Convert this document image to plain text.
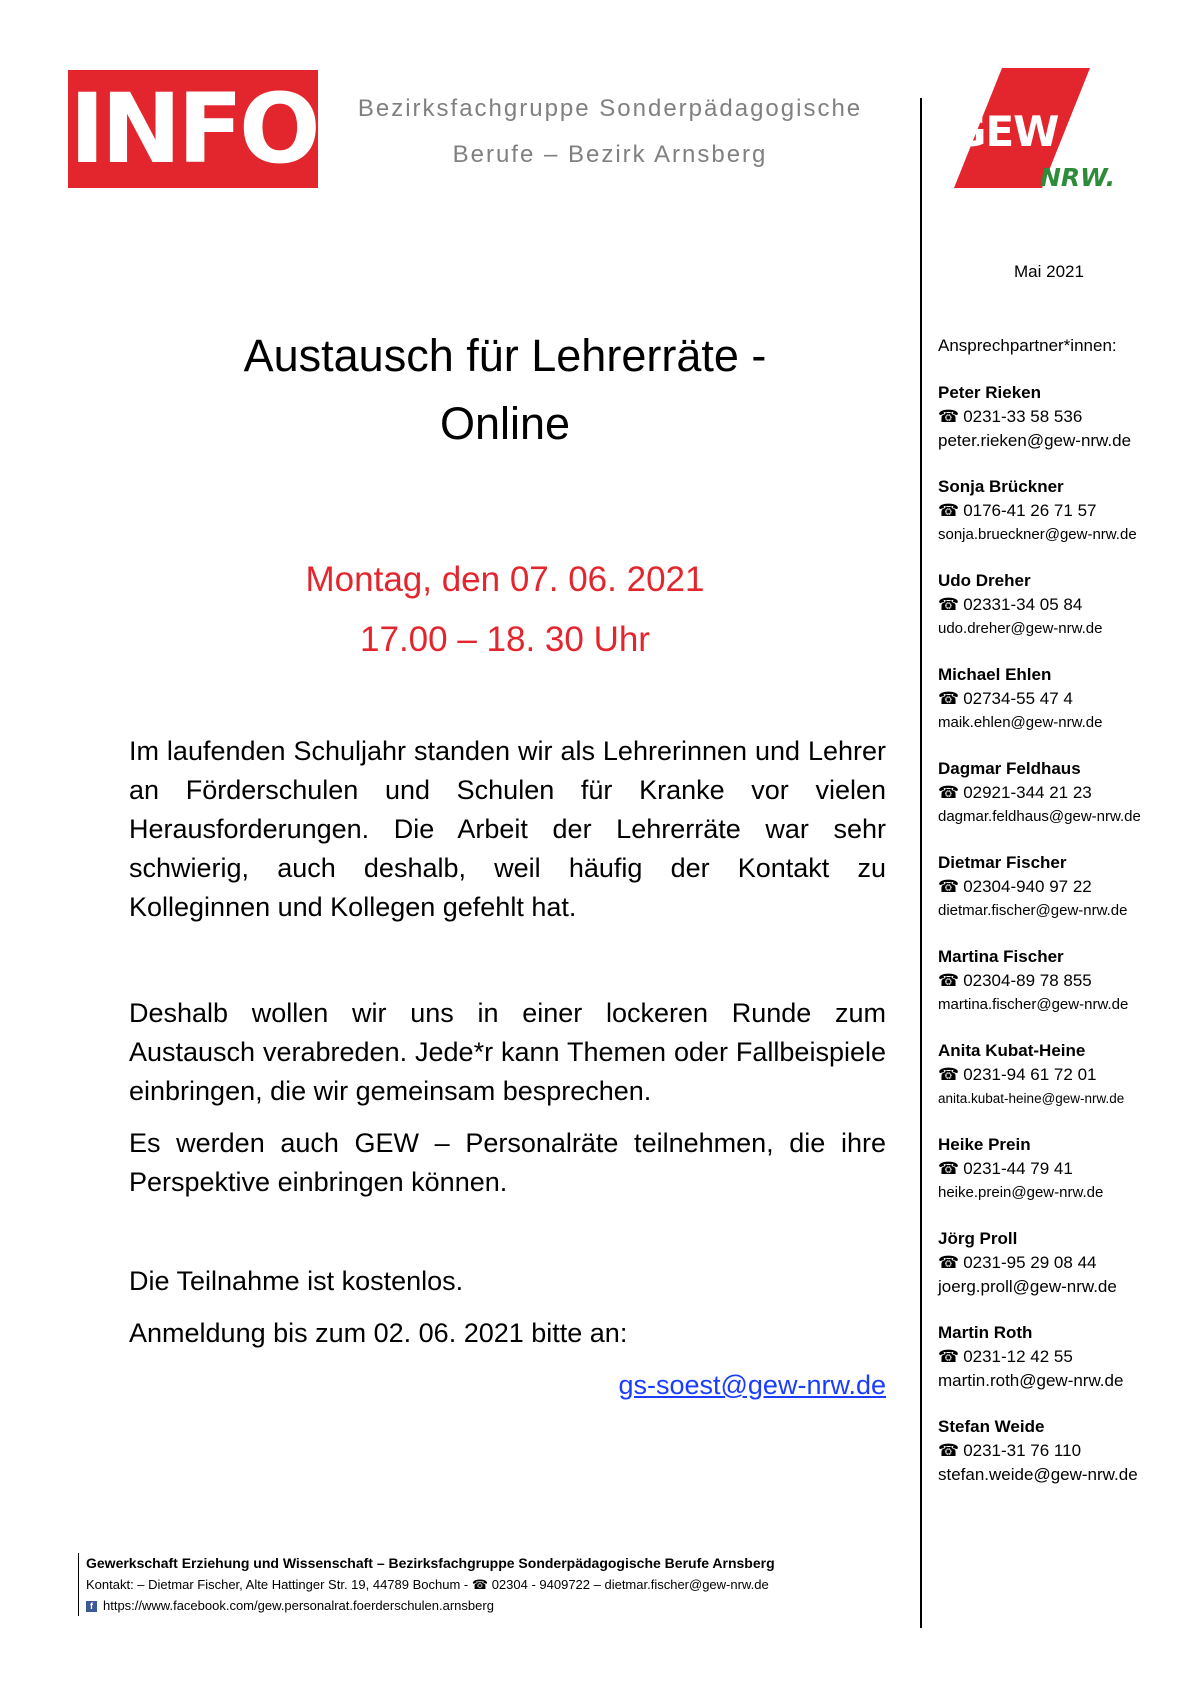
INFO	Bezirksfachgruppe Sonderpädagogische
Berufe – Bezirk Arnsberg	GEW
NRW.
Mai 2021
Ansprechpartner*innen:
Peter Rieken
☎ 0231-33 58 536
peter.rieken@gew-nrw.de
Sonja Brückner
☎ 0176-41 26 71 57
sonja.brueckner@gew-nrw.de
Udo Dreher
☎ 02331-34 05 84
udo.dreher@gew-nrw.de
Michael Ehlen
☎ 02734-55 47 4
maik.ehlen@gew-nrw.de
Dagmar Feldhaus
☎ 02921-344 21 23
dagmar.feldhaus@gew-nrw.de
Dietmar Fischer
☎ 02304-940 97 22
dietmar.fischer@gew-nrw.de
Martina Fischer
☎ 02304-89 78 855
martina.fischer@gew-nrw.de
Anita Kubat-Heine
☎ 0231-94 61 72 01
anita.kubat-heine@gew-nrw.de
Heike Prein
☎ 0231-44 79 41
heike.prein@gew-nrw.de
Jörg Proll
☎ 0231-95 29 08 44
joerg.proll@gew-nrw.de
Martin Roth
☎ 0231-12 42 55
martin.roth@gew-nrw.de
Stefan Weide
☎ 0231-31 76 110
stefan.weide@gew-nrw.de
Austausch für Lehrerräte -
Online
Montag, den 07. 06. 2021
17.00 – 18. 30 Uhr
Im laufenden Schuljahr standen wir als Lehrerinnen und Lehrer an Förderschulen und Schulen für Kranke vor vielen Herausforderungen. Die Arbeit der Lehrerräte war sehr schwierig, auch deshalb, weil häufig der Kontakt zu Kolleginnen und Kollegen gefehlt hat.
Deshalb wollen wir uns in einer lockeren Runde zum Austausch verabreden. Jede*r kann Themen oder Fallbeispiele einbringen, die wir gemeinsam besprechen.
Es werden auch GEW – Personalräte teilnehmen, die ihre Perspektive einbringen können.
Die Teilnahme ist kostenlos.
Anmeldung bis zum 02. 06. 2021 bitte an:
gs-soest@gew-nrw.de
Gewerkschaft Erziehung und Wissenschaft – Bezirksfachgruppe Sonderpädagogische Berufe Arnsberg
Kontakt: – Dietmar Fischer, Alte Hattinger Str. 19, 44789 Bochum - ☎ 02304 - 9409722 – dietmar.fischer@gew-nrw.de
f https://www.facebook.com/gew.personalrat.foerderschulen.arnsberg
